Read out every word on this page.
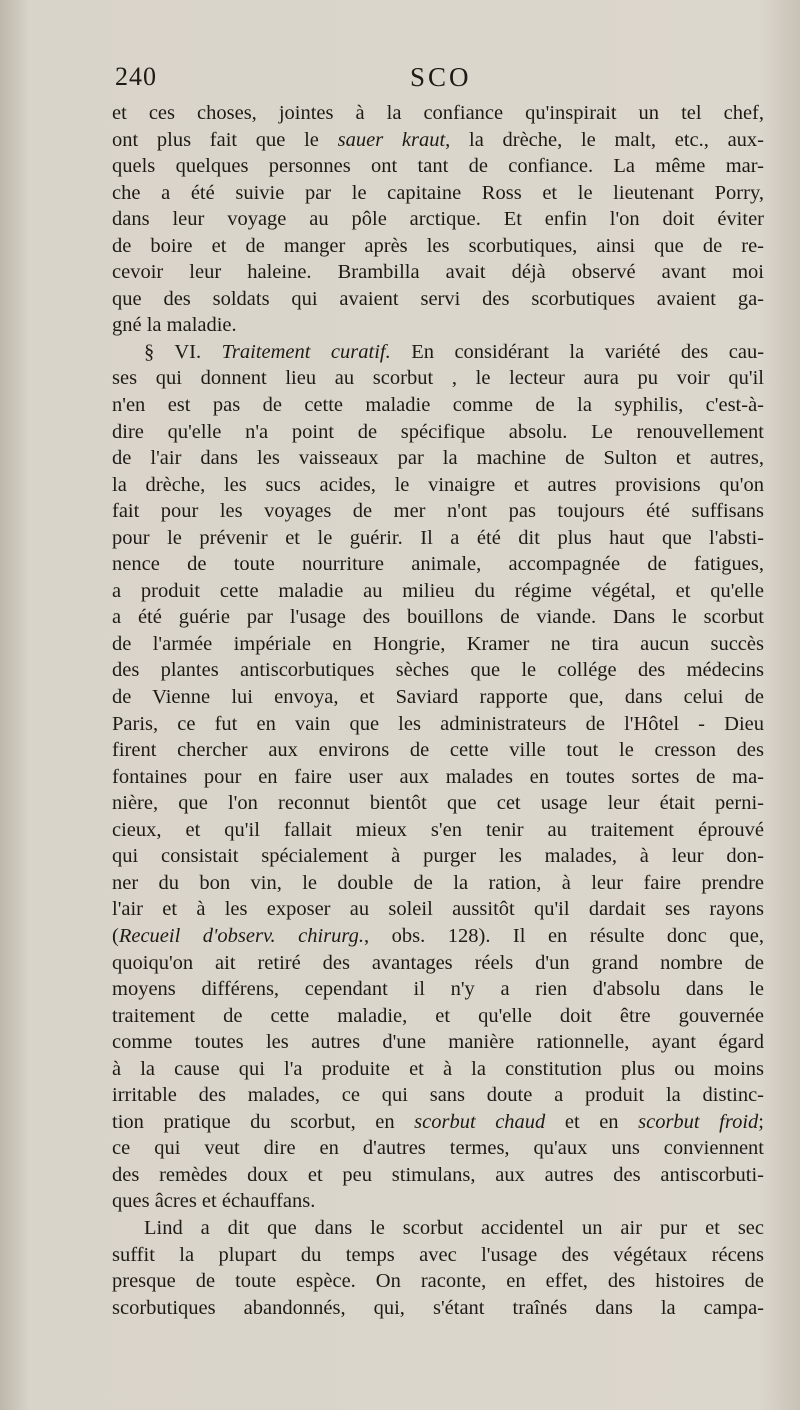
240	SCO
et ces choses, jointes à la confiance qu'inspirait un tel chef,
ont plus fait que le sauer kraut, la drèche, le malt, etc., aux-
quels quelques personnes ont tant de confiance. La même mar-
che a été suivie par le capitaine Ross et le lieutenant Porry,
dans leur voyage au pôle arctique. Et enfin l'on doit éviter
de boire et de manger après les scorbutiques, ainsi que de re-
cevoir leur haleine. Brambilla avait déjà observé avant moi
que des soldats qui avaient servi des scorbutiques avaient ga-
gné la maladie.
§ VI. Traitement curatif. En considérant la variété des cau-
ses qui donnent lieu au scorbut , le lecteur aura pu voir qu'il
n'en est pas de cette maladie comme de la syphilis, c'est-à-
dire qu'elle n'a point de spécifique absolu. Le renouvellement
de l'air dans les vaisseaux par la machine de Sulton et autres,
la drèche, les sucs acides, le vinaigre et autres provisions qu'on
fait pour les voyages de mer n'ont pas toujours été suffisans
pour le prévenir et le guérir. Il a été dit plus haut que l'absti-
nence de toute nourriture animale, accompagnée de fatigues,
a produit cette maladie au milieu du régime végétal, et qu'elle
a été guérie par l'usage des bouillons de viande. Dans le scorbut
de l'armée impériale en Hongrie, Kramer ne tira aucun succès
des plantes antiscorbutiques sèches que le collége des médecins
de Vienne lui envoya, et Saviard rapporte que, dans celui de
Paris, ce fut en vain que les administrateurs de l'Hôtel - Dieu
firent chercher aux environs de cette ville tout le cresson des
fontaines pour en faire user aux malades en toutes sortes de ma-
nière, que l'on reconnut bientôt que cet usage leur était perni-
cieux, et qu'il fallait mieux s'en tenir au traitement éprouvé
qui consistait spécialement à purger les malades, à leur don-
ner du bon vin, le double de la ration, à leur faire prendre
l'air et à les exposer au soleil aussitôt qu'il dardait ses rayons
(Recueil d'observ. chirurg., obs. 128). Il en résulte donc que,
quoiqu'on ait retiré des avantages réels d'un grand nombre de
moyens différens, cependant il n'y a rien d'absolu dans le
traitement de cette maladie, et qu'elle doit être gouvernée
comme toutes les autres d'une manière rationnelle, ayant égard
à la cause qui l'a produite et à la constitution plus ou moins
irritable des malades, ce qui sans doute a produit la distinc-
tion pratique du scorbut, en scorbut chaud et en scorbut froid;
ce qui veut dire en d'autres termes, qu'aux uns conviennent
des remèdes doux et peu stimulans, aux autres des antiscorbuti-
ques âcres et échauffans.
Lind a dit que dans le scorbut accidentel un air pur et sec
suffit la plupart du temps avec l'usage des végétaux récens
presque de toute espèce. On raconte, en effet, des histoires de
scorbutiques abandonnés, qui, s'étant traînés dans la campa-
